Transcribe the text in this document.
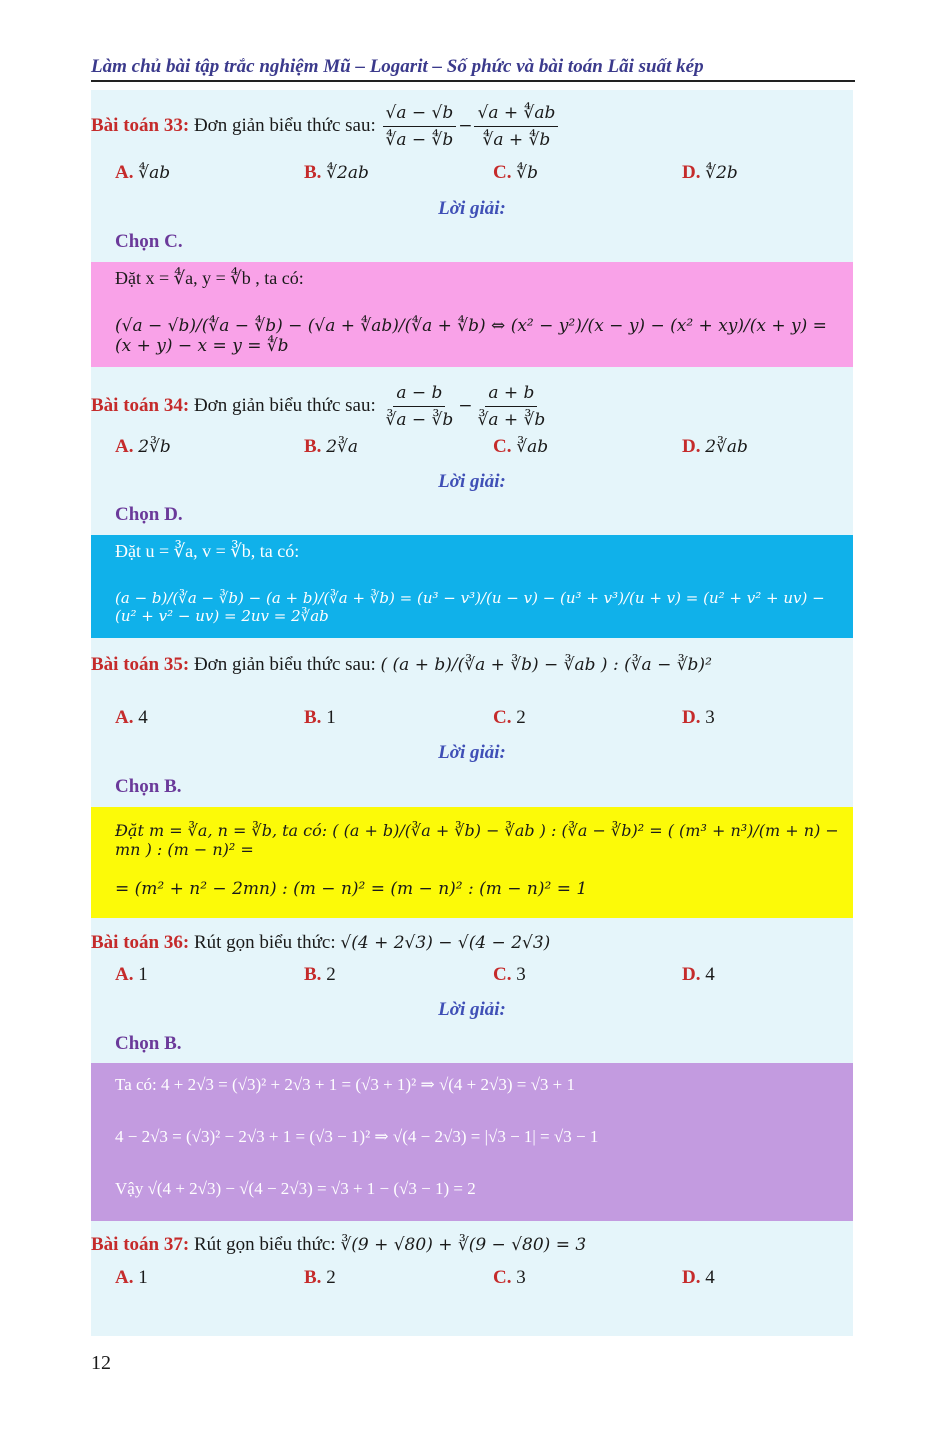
Làm chủ bài tập trắc nghiệm Mũ – Logarit – Số phức và bài toán Lãi suất kép
Bài toán 33: Đơn giản biểu thức sau: $\frac{√a - √b}{∜a - ∜b} - \frac{√a + ∜ab}{∜a + ∜b}$
A. ∜ab	B. ∜2ab	C. ∜b	D. ∜2b
Lời giải:
Chọn C.
Đặt x = ∜a, y = ∜b , ta có:
(√a − √b)/(∜a − ∜b) − (√a + ∜ab)/(∜a + ∜b) ⇔ (x² − y²)/(x − y) − (x² + xy)/(x + y) = (x + y) − x = y = ∜b
Bài toán 34: Đơn giản biểu thức sau: $\frac{a - b}{∛a - ∛b} - \frac{a + b}{∛a + ∛b}$
A. 2∛b	B. 2∛a	C. ∛ab	D. 2∛ab
Lời giải:
Chọn D.
Đặt u = ∛a, v = ∛b, ta có:
(a − b)/(∛a − ∛b) − (a + b)/(∛a + ∛b) = (u³ − v³)/(u − v) − (u³ + v³)/(u + v) = (u² + v² + uv) − (u² + v² − uv) = 2uv = 2∛ab
Bài toán 35: Đơn giản biểu thức sau: ( (a + b)/(∛a + ∛b) − ∛ab ) : (∛a − ∛b)²
A. 4	B. 1	C. 2	D. 3
Lời giải:
Chọn B.
Đặt m = ∛a, n = ∛b, ta có: ( (a + b)/(∛a + ∛b) − ∛ab ) : (∛a − ∛b)² = ( (m³ + n³)/(m + n) − mn ) : (m − n)² =
= (m² + n² − 2mn) : (m − n)² = (m − n)² : (m − n)² = 1
Bài toán 36: Rút gọn biểu thức: √(4 + 2√3) − √(4 − 2√3)
A. 1	B. 2	C. 3	D. 4
Lời giải:
Chọn B.
Ta có: 4 + 2√3 = (√3)² + 2√3 + 1 = (√3 + 1)² ⇒ √(4 + 2√3) = √3 + 1
4 − 2√3 = (√3)² − 2√3 + 1 = (√3 − 1)² ⇒ √(4 − 2√3) = |√3 − 1| = √3 − 1
Vậy √(4 + 2√3) − √(4 − 2√3) = √3 + 1 − (√3 − 1) = 2
Bài toán 37: Rút gọn biểu thức: ∛(9 + √80) + ∛(9 − √80) = 3
A. 1	B. 2	C. 3	D. 4
12
